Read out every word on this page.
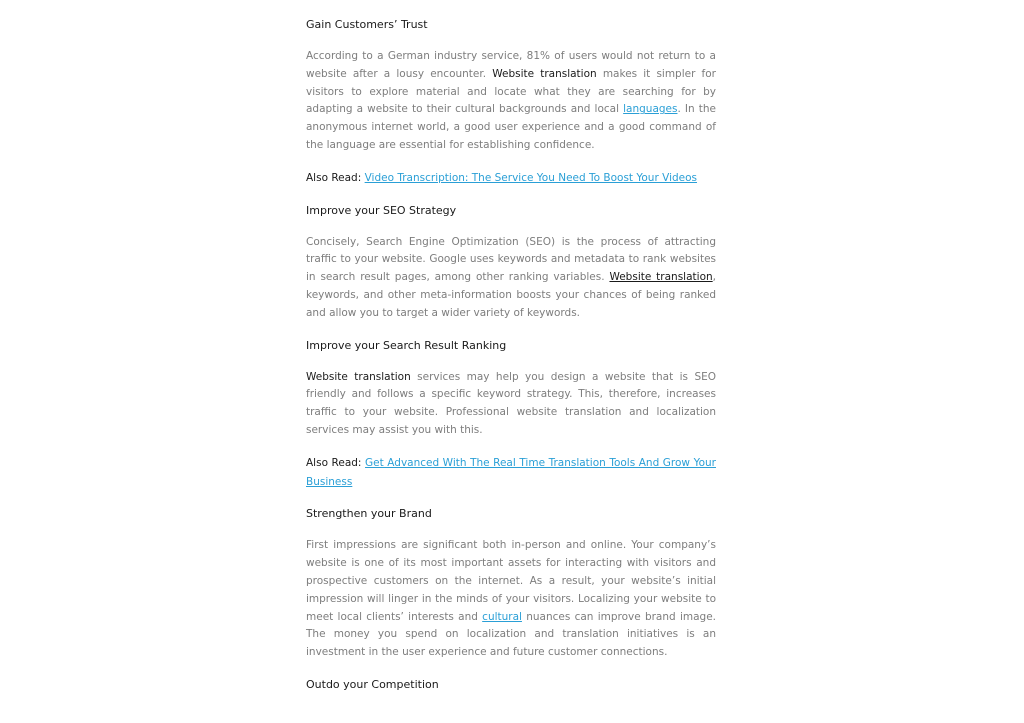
Gain Customers’ Trust

According to a German industry service, 81% of users would not return to a website after a lousy encounter. Website translation makes it simpler for visitors to explore material and locate what they are searching for by adapting a website to their cultural backgrounds and local languages. In the anonymous internet world, a good user experience and a good command of the language are essential for establishing confidence.

Also Read: Video Transcription: The Service You Need To Boost Your Videos

Improve your SEO Strategy

Concisely, Search Engine Optimization (SEO) is the process of attracting traffic to your website. Google uses keywords and metadata to rank websites in search result pages, among other ranking variables. Website translation, keywords, and other meta-information boosts your chances of being ranked and allow you to target a wider variety of keywords.

Improve your Search Result Ranking

Website translation services may help you design a website that is SEO friendly and follows a specific keyword strategy. This, therefore, increases traffic to your website. Professional website translation and localization services may assist you with this.

Also Read: Get Advanced With The Real Time Translation Tools And Grow Your Business

Strengthen your Brand

First impressions are significant both in-person and online. Your company’s website is one of its most important assets for interacting with visitors and prospective customers on the internet. As a result, your website’s initial impression will linger in the minds of your visitors. Localizing your website to meet local clients’ interests and cultural nuances can improve brand image. The money you spend on localization and translation initiatives is an investment in the user experience and future customer connections.

Outdo your Competition
